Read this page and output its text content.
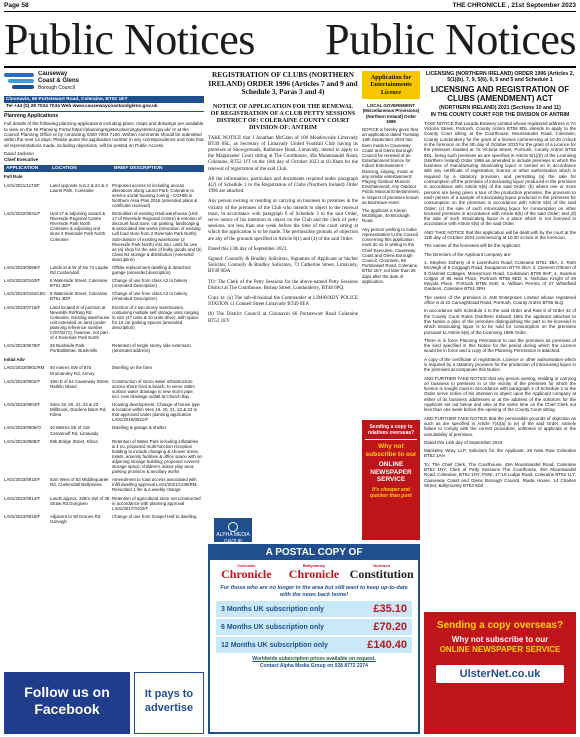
Page 58	THE CHRONICLE , 21st September 2023
Public Notices Public Notices
Causeway
Coast & Glens
Borough Council
Cloonavin, 66 Portstewart Road, Coleraine, BT52 1EY
Tel +44 (0) 28 7034 7034 Web www.causewaycoastandglens.gov.uk
Planning Applications
Full details of the following planning applications including plans, maps and drawings are available to view on the NI Planning Portal https://planningregister.planningsystemni.gov.uk/ or at the Council Planning Office or by contacting 0300 7004 7100. Written comments should be submitted within the next 14 days. Please quote the application number in any correspondence and note that all representations made, including objections, will be posted on Public Access.
David Jackson
Chief Executive
APPLICATION	LOCATION	BRIEF DESCRIPTION
Full Rule		
LA01/2021/1173/F	Land opposite nos 2 & 2A & 4 Laurel Park, Coleraine	Proposed access rd including access alterations along Laurel Park, Coleraine to service social housing zoning - COH05 in Northern Area Plan 2016 (amended plans & certificate received)
LA01/2022/0641/F	Unit 17 & adjoining vacant & Riverside Regional Centre Riverside Park North Coleraine & adjoining unit store 2 Riverside Park North Coleraine	Demolition of existing retail warehouse (Unit 17 of Riverside Regional Centre) & erection of discount food store, car parking, landscaping & associated site works (relocation of existing Lidl food store from 2 Riverside Park North) Sub-division of existing warehouse (2 Riverside Park North) into 2no. units for use as (a) shop for the sale of bulky goods and (b) Class B4 storage & distribution (Amended description)
LA01/2023/0069/F	Lands at & W of No 74 Laydie Rd Cushendall	Offsite replacement dwelling & detached garage (amended description)
LA01/2023/0163/F	8 Waterside Street, Coleraine BT51 3DP	Change of use from class A2 to bakery (Amended Description)
LA01/2023/0163/LBC	8 Waterside Street, Coleraine BT51 3DP	Change of use from class A2 to bakery (Amended Description)
LA01/2023/0716/F	Land located E of junction at Newmills Rd/Ring Rd Coleraine. Existing warehouse unit extended on land (under planning reference number C/97/0272), however, not part of 4 Riverside Park North	Erection of 2 two storey warehouses, containing multiple self storage units ranging in size (47 units & 10 units drive), with space for 13 car parking spaces (amended description)
LA01/2023/0678/F	25 Bushside Park Portballintrae, Bushmills	Retention of single storey side extension (amended address)
Initial Adv		
LA01/2023/0901/RM	40 metres SW of 87a Drumaroley Rd, Armoy	Dwelling on the farm
LA01/2023/0902/F	49m E of 64 Causeway Street, Rathlin Island	Construction of storm water infrastructure across shore front & beach, to serve 185m surface water drainage to new storm pipe; incl. new drainage outfall at Church Bay
LA01/2023/0904/F	Sites 19, 20, 21, 22 & 23 Millbrook, Gardens Bann Rd, Kilrea	Housing development. Change of house type & location within sites 19, 20, 21, 22 & 23 to that approved under planning application LA01/2019/0021/F
LA01/2023/0906/O	40 Metres SE of 118 Carnamuff Rd, Limavady	Dwelling & garage & shelter
LA01/2023/0908/F	69b Bridge Street, Kilrea	Retention of Water Park including inflatables & 4 no. proposed multi-function reception building to include changing & shower areas, toilets, amenity facilities & office space with an adjoining storage building; proposed covered storage space; children's indoor play area; parking provision & ancillary works
LA01/2023/0910/F	62m West of 83 Middlequarter Rd, Cushendall Ballymena	Amendment to road access associated with Infill dwelling approval LA01/2021/1239/RM. Relocated 1 fire & a weekly change
LA01/2023/0914/F	Lands approx. 328m SW of 35 Straw Rd Dungiven	Retention of agricultural store not constructed in accordance with planning approval LA01/2017/0102/F
LA01/2023/0915/F	Adjacent to 90 Drones Rd Garvagh	Change of use from Gospel Hall to dwelling
REGISTRATION OF CLUBS (NORTHERN IRELAND) ORDER 1996 (Articles 7 and 9 and Schedule 3, Paras 3 and 4)
NOTICE OF APPLICATION FOR THE RENEWAL OF REGISTRATION OF A CLUB PETTY SESSIONS DISTRICT OF: COLERAINE COUNTY COURT DIVISION OF: ANTRIM

TAKE NOTICE that I Jonathan McCann of 106 Meadowvale Limavady BT49 0SL, as Secretary of Limavady United Football Club having its premises at Showgrounds, Rathmore Road, Limavady, intend to apply to the Magistrates' Court sitting at The Courthouse, 49a Mountsandel Road, Coleraine, BT52 1JT on the 10th day of October 2023 at 10.30am for the renewal of registration of the said Club.

All the information, particulars and documents required under paragraph 4(2) of Schedule 3 to the Registration of Clubs (Northern Ireland) Order 1996 are attached.

Any person owning or residing or carrying on business in premises in the vicinity of the premises of the Club who intends to object to the renewal must, in accordance with paragraph 6 of Schedule 3 to the said Order, serve notice of his intention to object on the Club and the clerk of petty sessions, not less than one week before the time of the court sitting at which the application is to be made. The permissible grounds of objection are any of the grounds specified in Article 8(1) and (4) of the said Order.

Dated this 13th day of September 2023.

Signed: Connolly & Bradley Solicitors, Signature of Applicant or his/her Solicitor, Connolly & Bradley Solicitors, 73 Catherine Street, Limavady, BT49 9DA

TO: The Clerk of the Petty Sessions for the above-named Petty Sessions District at The Courthouse, Bishop Street, Londonderry, BT48 6PQ.

Copy to: (a) The sub-divisional the Commander at LIMAVADY POLICE STATION 11 Connell Street Limavady BT49 0EA

(b) The District Council at Cloonavin 66 Portstewart Road Coleraine BT52 1EY

Application for Entertainments Licence

LOCAL GOVERNMENT (Miscellaneous Provisions) (Northern Ireland) Order 1985

NOTICE is hereby given that an application dated Tuesday 19th September 2023 has been made to Causeway Coast and Glens Borough Council for renewal of an Entertainment licence for Indoor Entertainment - Dancing, singing, music or any similar entertainment; Playing Outdoor Musical Entertainment; Any Outdoor Public Musical Entertainment, in respect of premises known as Bushtown Hotel.

The applicant is Kieran McGilligan, 40 Brockagh Road.

Any person wishing to make representation to the Council concerning this application must do so in writing to the Chief Executive, Causeway Coast and Glens Borough Council, Cloonavin, 66 Portstewart Road, Coleraine, BT52 1EY, not later than 28 days after the date of application.

Sending a copy to relatives overseas?
Why not subscribe to our
ONLINE NEWSPAPER SERVICE
It's cheaper and quicker than post
LICENSING (NORTHERN IRELAND) ORDER 1996 (Articles 2, 5(1)(b), 7, 9, 5(6), 6, 5 and 5 and Schedule 1
LICENSING AND REGISTRATION OF CLUBS (AMENDMENT) ACT
(NORTHERN IRELAND) 2021 (Sections 10 and 11)
IN THE COUNTY COURT FOR THE DIVISION OF ANTRIM

TAKE NOTICE that Lacada Brewery Limited whose registered address is 7A Victoria Street, Portrush, County Antrim BT56 8DL intends to apply to the County Court sitting at the Courthouse, Mountsandel Road, Coleraine, County Londonderry for the grant of a licence commencing at 10.30 o'clock in the forenoon on the 4th day of October 2023 for the grant of a Licence for the premises situated at 7a Victoria Street, Portrush, County Antrim BT56 8DL, being such premises as are specified in Article 5(1)(b) of the Licensing (Northern Ireland) Order 1996 as amended to include premises in which the business of manufacturing intoxicating liquor is carried on in accordance with any certificate of registration, licence or other authorisation which is required by a statutory provision, and permitting (a) the sale for consumption off the premises of intoxicating liquor produced in the premises in accordance with Article 5(6) of the said Order; (b) where one or more persons are being given a tour of the production premises, the provision to each person of a sample of intoxicating liquor produced in the premises for consumption on the premises in accordance with Article 5(6) of the said Order; (c) the sale of such intoxicating liquor for consumption on other licensed premises in accordance with Article 5(5) of the said Order; and (d) the sale of such intoxicating liquor in a place which is not licensed in accordance with Article 5(5) of the said Order.

AND TAKE NOTICE that this application will be dealt with by the court at the 11th day of October 2023 commencing at 10.30 o'clock in the forenoon.

The names of the licensees will be the Applicant.

The Directors of the Applicant company are:

1. Stephen Doherty of 6 Lazenhurst Road, Coleraine BT51 3BA; 2. Ruth McVeigh of 8 Coggagh Road, Dungannon BT70 3DA; 3. Clement O'Brien of 5 Grannlet Cottages, Moneymore Road, Cookstown BT80 8HF; 4. Seamus Colgan of 85 Nula Place, Portrush BT56 8ED; 5. Nicholas Knight of 29 Moyola Place, Portrush BT56 8AR; 6. William Perrins of 27 Whitefield Gardens, Coleraine BT51 3RH.

The owner of the premises is JAB Enterprises Limited whose registered office is at 22 Carnaghboad Road, Portrush, County Antrim BT56 8LQ.

In accordance with Schedule 1 to the said Order and Rule 6 of Order 42 of the County Court Rules (Northern Ireland) 1981 the applicant attaches to this Notice a plan of the premises distinguishing the part to be licensed in which intoxicating liquor is to be sold for consumption on the premises pursuant to Article 5(6) of the Licensing 1996 Order.

There is in force Planning Permission to use the premises as premises of the kind specified in this Notice for the period during which the Licence would be in force and a copy of the Planning Permission is attached.

A copy of the certificate of registration, Licence or other authorisation which is required by a statutory provision for the production of intoxicating liquor in the premises accompanies this Notice.

AND FURTHER TAKE NOTICE that any person owning, residing or carrying on business in premises in or the vicinity of the premises for which the licence is sought must in accordance with paragraph 4 of Schedule 1 to the Order serve notice of his intention to object upon the Applicant company at either of its business addresses or at the address of the solicitors for the Applicant set out below and also at the same time on the Chief Clerk not less than one week before the opening of the County Court sitting.

AND FURTHER TAKE NOTICE that the permissible grounds of objection as such as are specified in Article 7(4)(a) to (e) of the said Order, namely failure to comply with the correct procedure, unfitness of applicant or the unsuitability of premises.

Dated this 14th day of September 2023

Mackeley Wray LLP, Solicitors for the Applicant, 29 New Row Coleraine BT52 1AH

To: The Chief Clerk, The Courthouse, 49A Mountsandel Road, Coleraine BT52 1NY; Clerk of Petty Sessions The Courthouse, 49A Mountsandel Road, Coleraine, BT52 1NY; PSNI, 17-19 Lodge Road, Coleraine BT52 1LY; Causeway Coast and Glens Borough Council, Riada House, 14 Charles Street, Ballymoney BT53 6DZ

ALPHA MEDIA GROUP
A POSTAL COPY OF
Coleraine
Chronicle
Ballymoney
Chronicle
Northern
Constitution
For those who are no longer in the area but still want to keep up-to-date with the news back home!
3 Months UK subscription only	£35.10
6 Months UK subscription only	£70.20
12 Months UK subscription only	£140.40
Worldwide subscription prices available on request.
Contact Alpha Media Group on 028 8772 2274
Sending a copy overseas?
Why not subscribe to our
ONLINE NEWSPAPER SERVICE
UlsterNet.co.uk
Follow us on Facebook
It pays to advertise
